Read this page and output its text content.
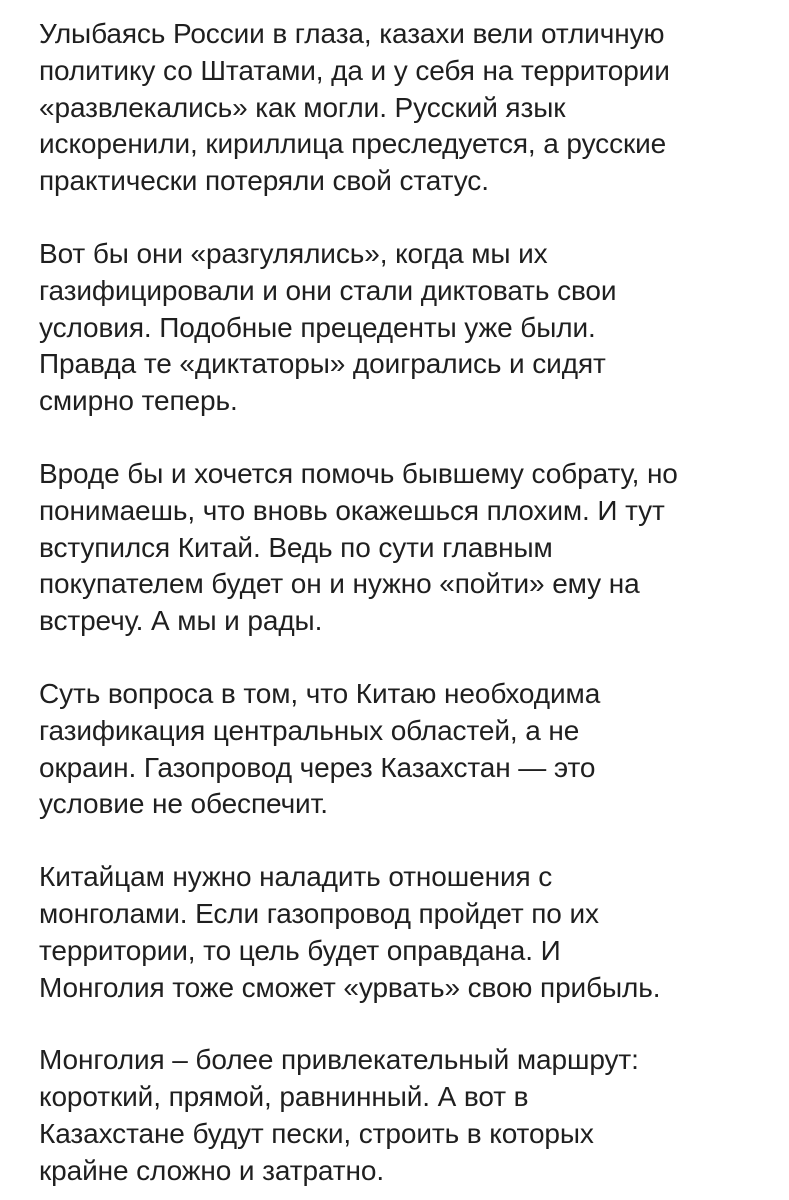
Улыбаясь России в глаза, казахи вели отличную
политику со Штатами, да и у себя на территории
«развлекались» как могли. Русский язык
искоренили, кириллица преследуется, а русские
практически потеряли свой статус.

Вот бы они «разгулялись», когда мы их
газифицировали и они стали диктовать свои
условия. Подобные прецеденты уже были.
Правда те «диктаторы» доигрались и сидят
смирно теперь.

Вроде бы и хочется помочь бывшему собрату, но
понимаешь, что вновь окажешься плохим. И тут
вступился Китай. Ведь по сути главным
покупателем будет он и нужно «пойти» ему на
встречу. А мы и рады.

Суть вопроса в том, что Китаю необходима
газификация центральных областей, а не
окраин. Газопровод через Казахстан — это
условие не обеспечит.

Китайцам нужно наладить отношения с
монголами. Если газопровод пройдет по их
территории, то цель будет оправдана. И
Монголия тоже сможет «урвать» свою прибыль.

Монголия – более привлекательный маршрут:
короткий, прямой, равнинный. А вот в
Казахстане будут пески, строить в которых
крайне сложно и затратно.
